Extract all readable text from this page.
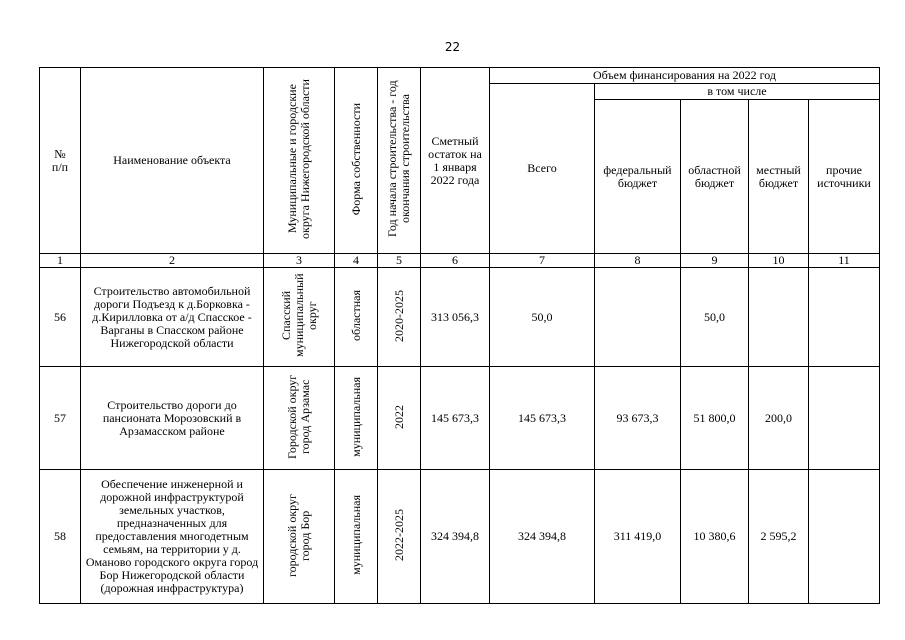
22
№
п/п	Наименование объекта	Муниципальные и городские округа Нижегородской области	Форма собственности	Год начала строительства - год окончания строительства	Сметный остаток на 1 января 2022 года	Объем финансирования на 2022 год				
						Всего	в том числе			
							федеральный бюджет	областной бюджет	местный бюджет	прочие источники
1	2	3	4	5	6	7	8	9	10	11
56	Строительство автомобильной дороги Подъезд к д.Борковка - д.Кирилловка от а/д Спасское - Варганы в Спасском районе Нижегородской области	Спасский муниципальный округ	областная	2020-2025	313 056,3	50,0		50,0		
57	Строительство дороги до пансионата Морозовский в Арзамасском районе	Городской округ город Арзамас	муниципальная	2022	145 673,3	145 673,3	93 673,3	51 800,0	200,0	
58	Обеспечение инженерной и дорожной инфраструктурой земельных участков, предназначенных для предоставления многодетным семьям, на территории у д. Оманово городского округа город Бор Нижегородской области (дорожная инфраструктура)	городской округ город Бор	муниципальная	2022-2025	324 394,8	324 394,8	311 419,0	10 380,6	2 595,2	
